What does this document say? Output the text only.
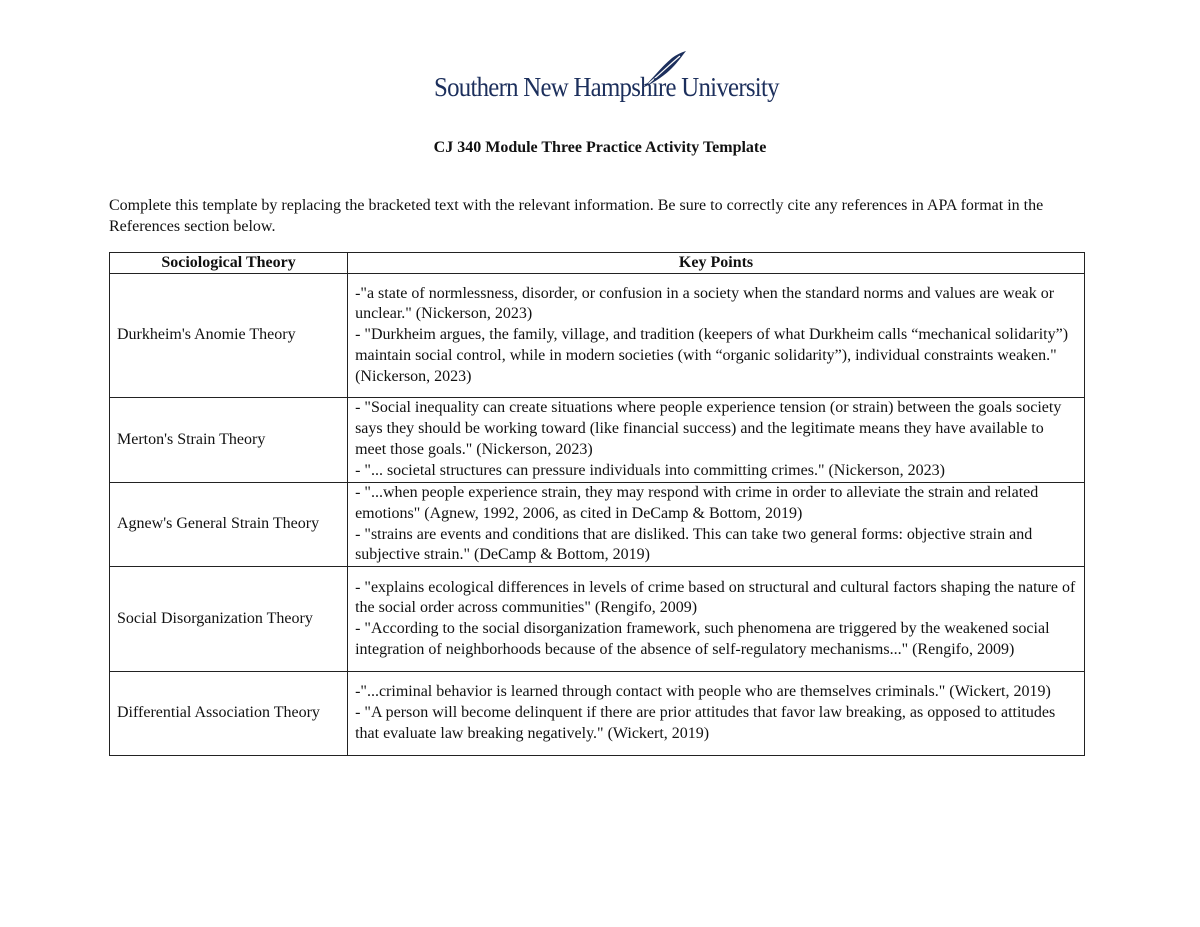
Southern New Hampshire University
CJ 340 Module Three Practice Activity Template
Complete this template by replacing the bracketed text with the relevant information. Be sure to correctly cite any references in APA format in the References section below.
Sociological Theory	Key Points
Durkheim's Anomie Theory	-"a state of normlessness, disorder, or confusion in a society when the standard norms and values are weak or unclear." (Nickerson, 2023)
- "Durkheim argues, the family, village, and tradition (keepers of what Durkheim calls “mechanical solidarity”) maintain social control, while in modern societies (with “organic solidarity”), individual constraints weaken." (Nickerson, 2023)

Merton's Strain Theory	- "Social inequality can create situations where people experience tension (or strain) between the goals society says they should be working toward (like financial success) and the legitimate means they have available to meet those goals." (Nickerson, 2023)
- "... societal structures can pressure individuals into committing crimes." (Nickerson, 2023)

Agnew's General Strain Theory	- "...when people experience strain, they may respond with crime in order to alleviate the strain and related emotions" (Agnew, 1992, 2006, as cited in DeCamp & Bottom, 2019)
- "strains are events and conditions that are disliked. This can take two general forms: objective strain and subjective strain." (DeCamp & Bottom, 2019)

Social Disorganization Theory	- "explains ecological differences in levels of crime based on structural and cultural factors shaping the nature of the social order across communities" (Rengifo, 2009)
- "According to the social disorganization framework, such phenomena are triggered by the weakened social integration of neighborhoods because of the absence of self-regulatory mechanisms..." (Rengifo, 2009)

Differential Association Theory	-"...criminal behavior is learned through contact with people who are themselves criminals." (Wickert, 2019)
- "A person will become delinquent if there are prior attitudes that favor law breaking, as opposed to attitudes that evaluate law breaking negatively." (Wickert, 2019)
